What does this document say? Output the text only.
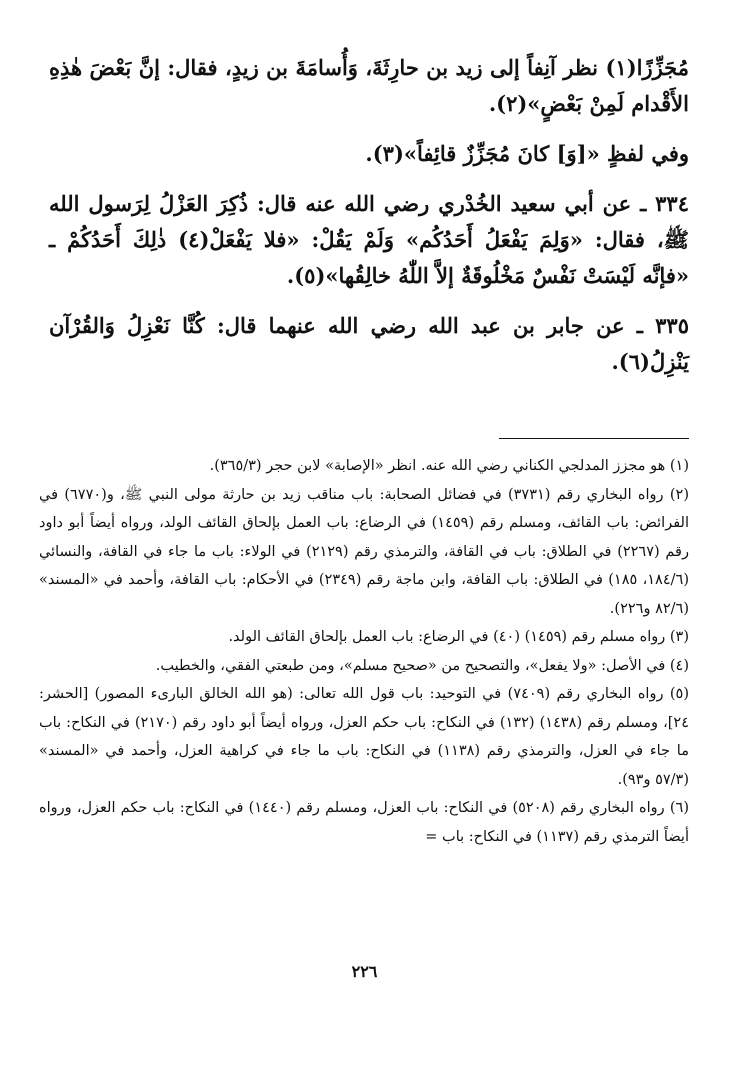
مُجَزِّزًا(١) نظر آنِفاً إلى زيد بن حارِثَةَ، وَأُسامَةَ بن زيدٍ، فقال: إنَّ بَعْضَ هٰذِهِ الأَقْدام لَمِنْ بَعْضٍ»(٢).

وفي لفظٍ «[وَ] كانَ مُجَزِّزٌ قائِفاً»(٣).

٣٣٤ ـ عن أبي سعيد الخُدْري رضي الله عنه قال: ذُكِرَ العَزْلُ لِرَسول الله ﷺ، فقال: «وَلِمَ يَفْعَلُ أَحَدُكُم» وَلَمْ يَقُلْ: «فلا يَفْعَلْ(٤) ذٰلِكَ أَحَدُكُمْ ـ «فإنَّه لَيْسَتْ نَفْسٌ مَخْلُوقَةٌ إلاَّ اللّٰهُ خالِقُها»(٥).

٣٣٥ ـ عن جابر بن عبد الله رضي الله عنهما قال: كُنَّا نَعْزِلُ وَالقُرْآن يَنْزِلُ(٦).

(١) هو مجزز المدلجي الكناني رضي الله عنه. انظر «الإصابة» لابن حجر (٣٦٥/٣).

(٢) رواه البخاري رقم (٣٧٣١) في فضائل الصحابة: باب مناقب زيد بن حارثة مولى النبي ﷺ، و(٦٧٧٠) في الفرائض: باب القائف، ومسلم رقم (١٤٥٩) في الرضاع: باب العمل بإلحاق القائف الولد، ورواه أيضاً أبو داود رقم (٢٢٦٧) في الطلاق: باب في القافة، والترمذي رقم (٢١٢٩) في الولاء: باب ما جاء في القافة، والنسائي (١٨٤/٦، ١٨٥) في الطلاق: باب القافة، وابن ماجة رقم (٢٣٤٩) في الأحكام: باب القافة، وأحمد في «المسند» (٨٢/٦ و٢٢٦).

(٣) رواه مسلم رقم (١٤٥٩) (٤٠) في الرضاع: باب العمل بإلحاق القائف الولد.

(٤) في الأصل: «ولا يفعل»، والتصحيح من «صحيح مسلم»، ومن طبعتي الفقي، والخطيب.

(٥) رواه البخاري رقم (٧٤٠٩) في التوحيد: باب قول الله تعالى: (هو الله الخالق البارىء المصور) [الحشر: ٢٤]، ومسلم رقم (١٤٣٨) (١٣٢) في النكاح: باب حكم العزل، ورواه أيضاً أبو داود رقم (٢١٧٠) في النكاح: باب ما جاء في العزل، والترمذي رقم (١١٣٨) في النكاح: باب ما جاء في كراهية العزل، وأحمد في «المسند» (٥٧/٣ و٩٣).

(٦) رواه البخاري رقم (٥٢٠٨) في النكاح: باب العزل، ومسلم رقم (١٤٤٠) في النكاح: باب حكم العزل، ورواه أيضاً الترمذي رقم (١١٣٧) في النكاح: باب =

٢٢٦
